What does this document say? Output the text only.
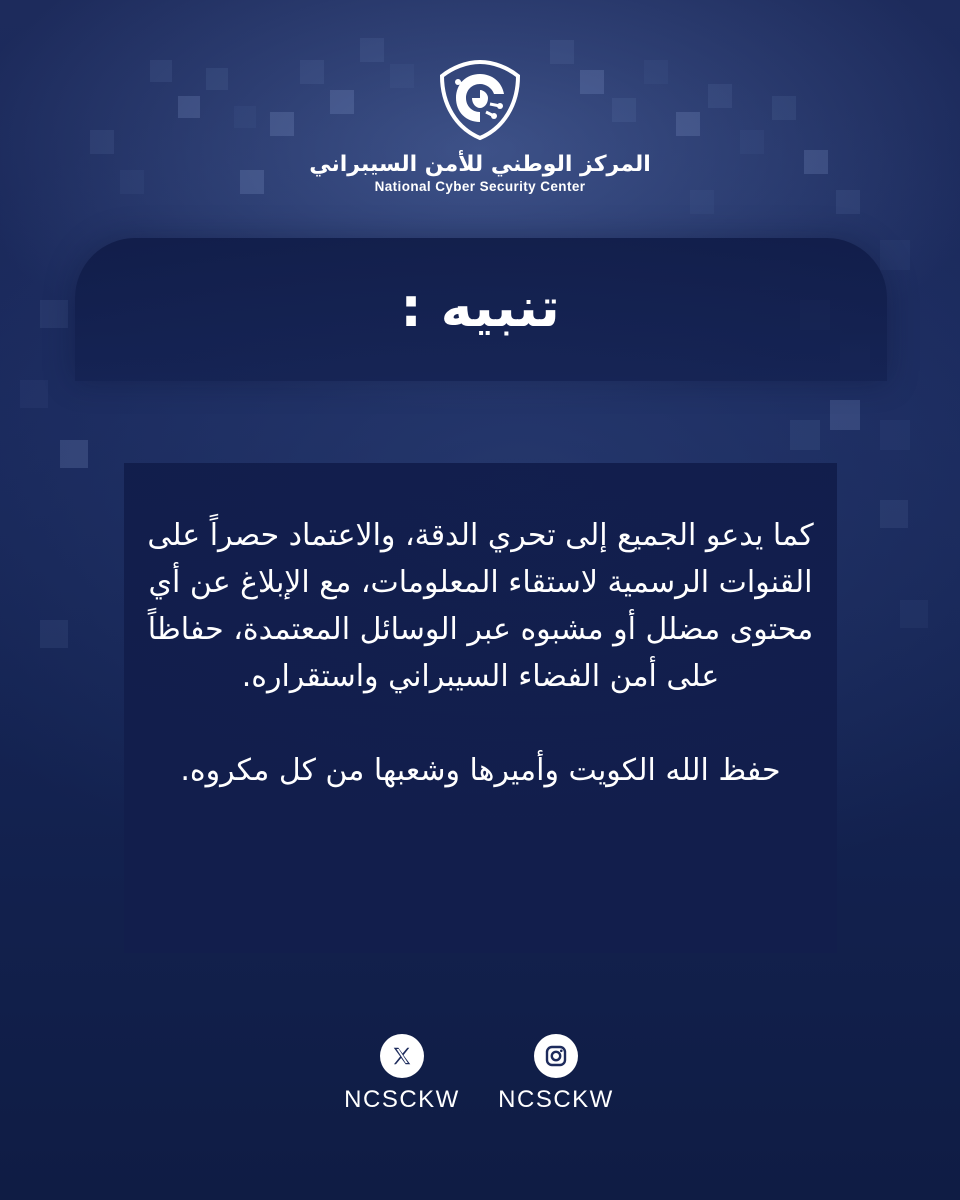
المركز الوطني للأمن السيبراني
National Cyber Security Center
تنبيه :

كما يدعو الجميع إلى تحري الدقة، والاعتماد حصراً على القنوات الرسمية لاستقاء المعلومات، مع الإبلاغ عن أي محتوى مضلل أو مشبوه عبر الوسائل المعتمدة، حفاظاً على أمن الفضاء السيبراني واستقراره.

حفظ الله الكويت وأميرها وشعبها من كل مكروه.

NCSCKW	NCSCKW
